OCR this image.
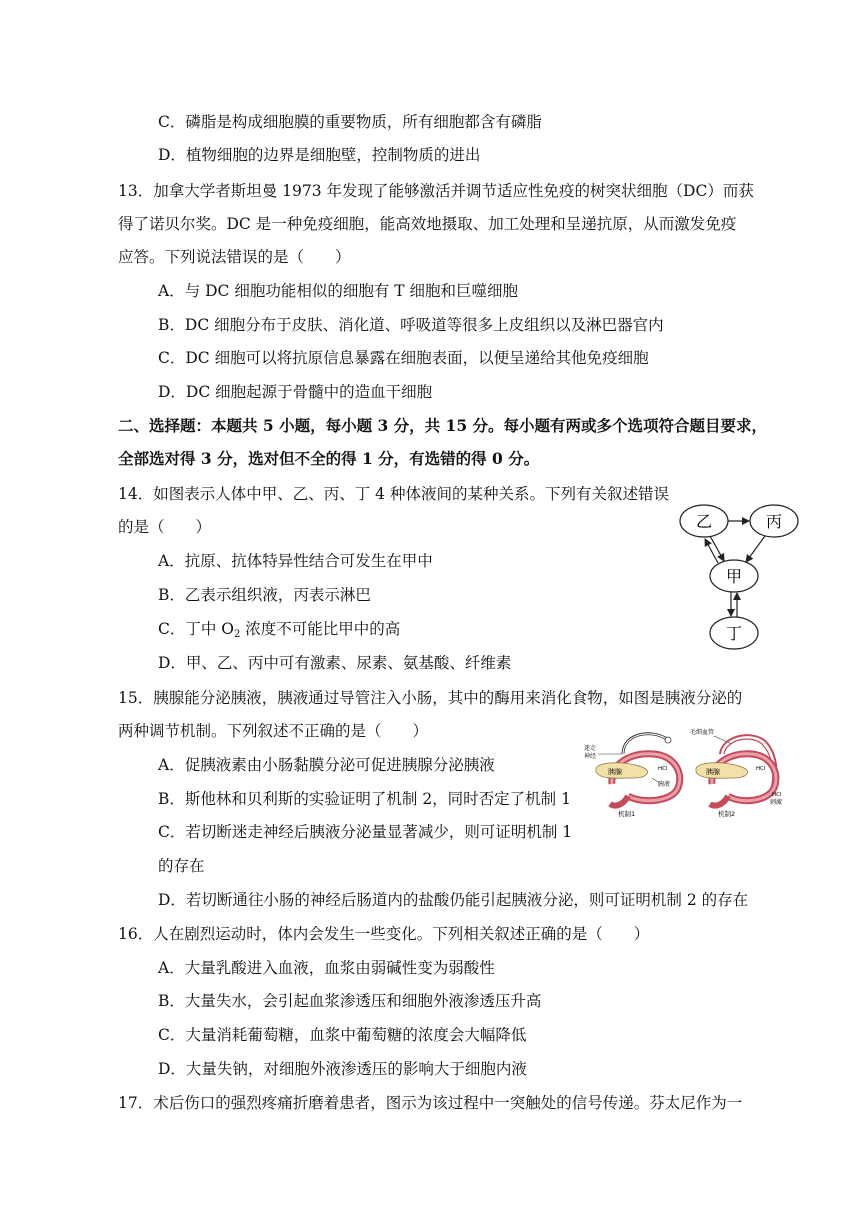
C．磷脂是构成细胞膜的重要物质，所有细胞都含有磷脂
D．植物细胞的边界是细胞壁，控制物质的进出
13．加拿大学者斯坦曼 1973 年发现了能够激活并调节适应性免疫的树突状细胞（DC）而获
得了诺贝尔奖。DC 是一种免疫细胞，能高效地摄取、加工处理和呈递抗原，从而激发免疫
应答。下列说法错误的是（　　）
A．与 DC 细胞功能相似的细胞有 T 细胞和巨噬细胞
B．DC 细胞分布于皮肤、消化道、呼吸道等很多上皮组织以及淋巴器官内
C．DC 细胞可以将抗原信息暴露在细胞表面，以便呈递给其他免疫细胞
D．DC 细胞起源于骨髓中的造血干细胞
二、选择题：本题共 5 小题，每小题 3 分，共 15 分。每小题有两或多个选项符合题目要求，
全部选对得 3 分，选对但不全的得 1 分，有选错的得 0 分。
14．如图表示人体中甲、乙、丙、丁 4 种体液间的某种关系。下列有关叙述错误
的是（　　）
A．抗原、抗体特异性结合可发生在甲中
B．乙表示组织液，丙表示淋巴
C．丁中 $O_2$ 浓度不可能比甲中的高
D．甲、乙、丙中可有激素、尿素、氨基酸、纤维素
乙	丙
甲
丁
15．胰腺能分泌胰液，胰液通过导管注入小肠，其中的酶用来消化食物，如图是胰液分泌的
两种调节机制。下列叙述不正确的是（　　）
A．促胰液素由小肠黏膜分泌可促进胰腺分泌胰液
B．斯他林和贝利斯的实验证明了机制 2，同时否定了机制 1
C．若切断迷走神经后胰液分泌量显著减少，则可证明机制 1
的存在
D．若切断通往小肠的神经后肠道内的盐酸仍能引起胰液分泌，则可证明机制 2 的存在
胰腺
小肠
HCl
胰液
迷走
神经
机制1
毛细血管
胰腺
小肠
HCl
HCl
刺激
机制2
16．人在剧烈运动时，体内会发生一些变化。下列相关叙述正确的是（　　）
A．大量乳酸进入血液，血浆由弱碱性变为弱酸性
B．大量失水，会引起血浆渗透压和细胞外液渗透压升高
C．大量消耗葡萄糖，血浆中葡萄糖的浓度会大幅降低
D．大量失钠，对细胞外液渗透压的影响大于细胞内液
17．术后伤口的强烈疼痛折磨着患者，图示为该过程中一突触处的信号传递。芬太尼作为一
